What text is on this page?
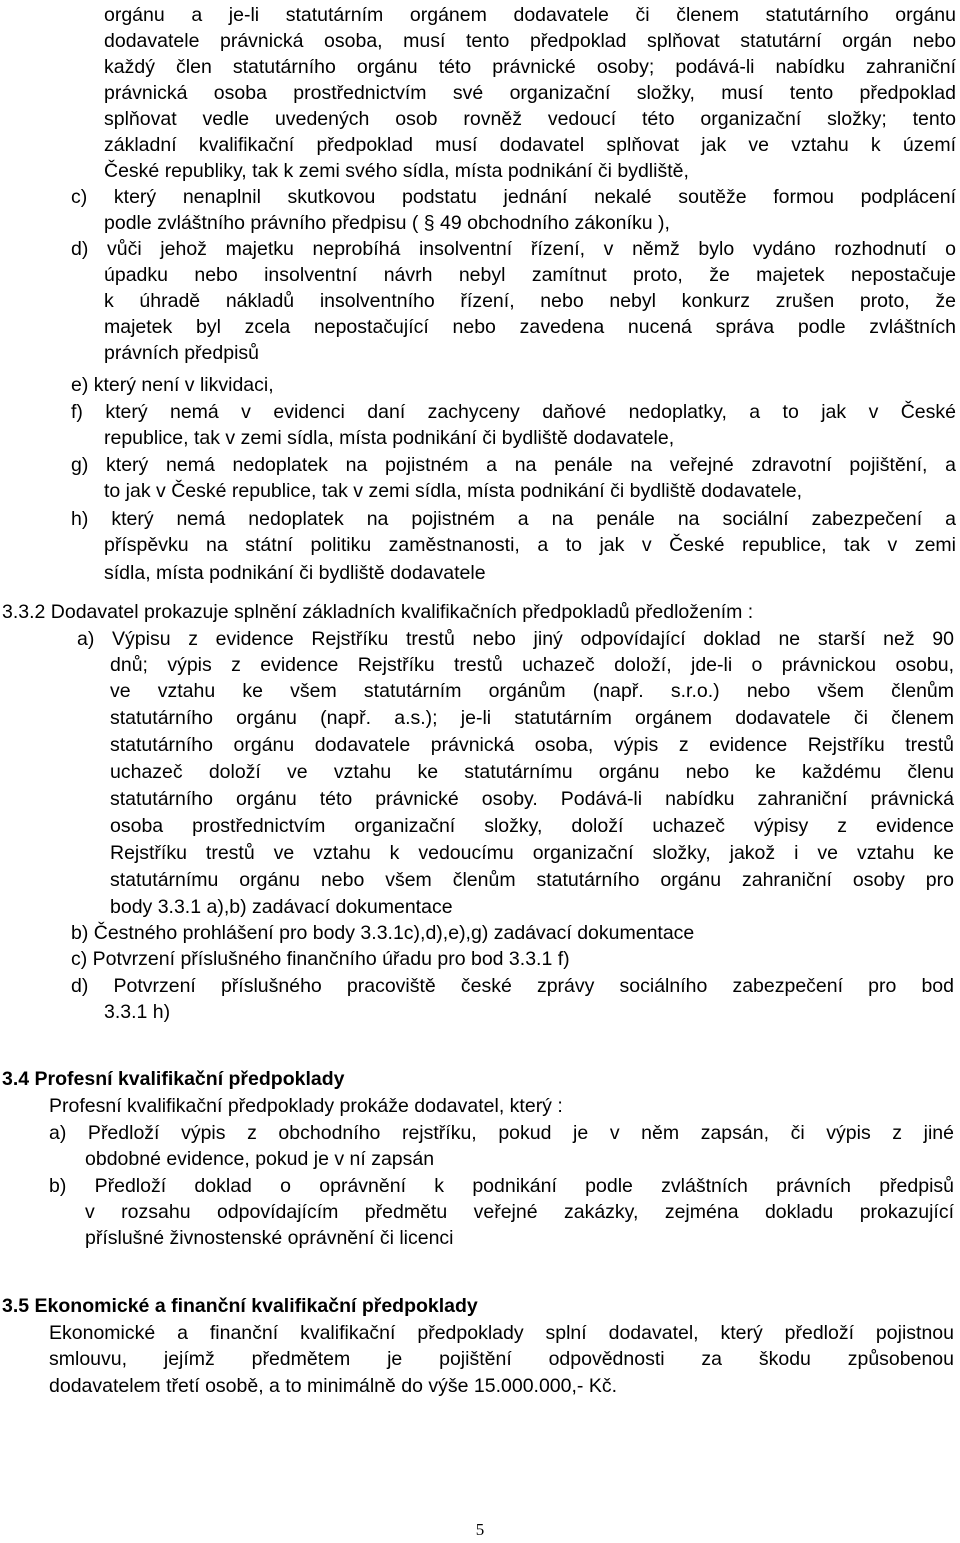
orgánu a je-li statutárním orgánem dodavatele či členem statutárního orgánu

dodavatele právnická osoba, musí tento předpoklad splňovat statutární orgán nebo

každý člen statutárního orgánu této právnické osoby; podává-li nabídku zahraniční

právnická osoba prostřednictvím své organizační složky, musí tento předpoklad

splňovat vedle uvedených osob rovněž vedoucí této organizační složky; tento

základní kvalifikační předpoklad musí dodavatel splňovat jak ve vztahu k území

České republiky, tak k zemi svého sídla, místa podnikání či bydliště,

c) který nenaplnil skutkovou podstatu jednání nekalé soutěže formou podplácení

podle zvláštního právního předpisu ( § 49 obchodního zákoníku ),

d) vůči jehož majetku neprobíhá insolventní řízení, v němž bylo vydáno rozhodnutí o

úpadku nebo insolventní návrh nebyl zamítnut proto, že majetek nepostačuje

k úhradě nákladů insolventního řízení, nebo nebyl konkurz zrušen proto, že

majetek byl zcela nepostačující nebo zavedena nucená správa podle zvláštních

právních předpisů

e) který není v likvidaci,

f) který nemá v evidenci daní zachyceny daňové nedoplatky, a to jak v České

republice, tak v zemi sídla, místa podnikání či bydliště dodavatele,

g) který nemá nedoplatek na pojistném a na penále na veřejné zdravotní pojištění, a

to jak v České republice, tak v zemi sídla, místa podnikání či bydliště dodavatele,

h) který nemá nedoplatek na pojistném a na penále na sociální zabezpečení a

příspěvku na státní politiku zaměstnanosti, a to jak v České republice, tak v zemi

sídla, místa podnikání či bydliště dodavatele

3.3.2 Dodavatel prokazuje splnění základních kvalifikačních předpokladů předložením :

a) Výpisu z evidence Rejstříku trestů nebo jiný odpovídající doklad ne starší než 90

dnů; výpis z evidence Rejstříku trestů uchazeč doloží, jde-li o právnickou osobu,

ve vztahu ke všem statutárním orgánům (např. s.r.o.) nebo všem členům

statutárního orgánu (např. a.s.); je-li statutárním orgánem dodavatele či členem

statutárního orgánu dodavatele právnická osoba, výpis z evidence Rejstříku trestů

uchazeč doloží ve vztahu ke statutárnímu orgánu nebo ke každému členu

statutárního orgánu této právnické osoby. Podává-li nabídku zahraniční právnická

osoba prostřednictvím organizační složky, doloží uchazeč výpisy z evidence

Rejstříku trestů ve vztahu k vedoucímu organizační složky, jakož i ve vztahu ke

statutárnímu orgánu nebo všem členům statutárního orgánu zahraniční osoby pro

body 3.3.1 a),b) zadávací dokumentace

b) Čestného prohlášení pro body 3.3.1c),d),e),g) zadávací dokumentace

c) Potvrzení příslušného finančního úřadu pro bod 3.3.1 f)

d) Potvrzení příslušného pracoviště české zprávy sociálního zabezpečení pro bod

3.3.1 h)

3.4 Profesní kvalifikační předpoklady

Profesní kvalifikační předpoklady prokáže dodavatel, který :

a) Předloží výpis z obchodního rejstříku, pokud je v něm zapsán, či výpis z jiné

obdobné evidence, pokud je v ní zapsán

b) Předloží doklad o oprávnění k podnikání podle zvláštních právních předpisů

v rozsahu odpovídajícím předmětu veřejné zakázky, zejména dokladu prokazující

příslušné živnostenské oprávnění či licenci

3.5 Ekonomické a finanční kvalifikační předpoklady

Ekonomické a finanční kvalifikační předpoklady splní dodavatel, který předloží pojistnou

smlouvu, jejímž předmětem je pojištění odpovědnosti za škodu způsobenou

dodavatelem třetí osobě, a to minimálně do výše 15.000.000,- Kč.

5
